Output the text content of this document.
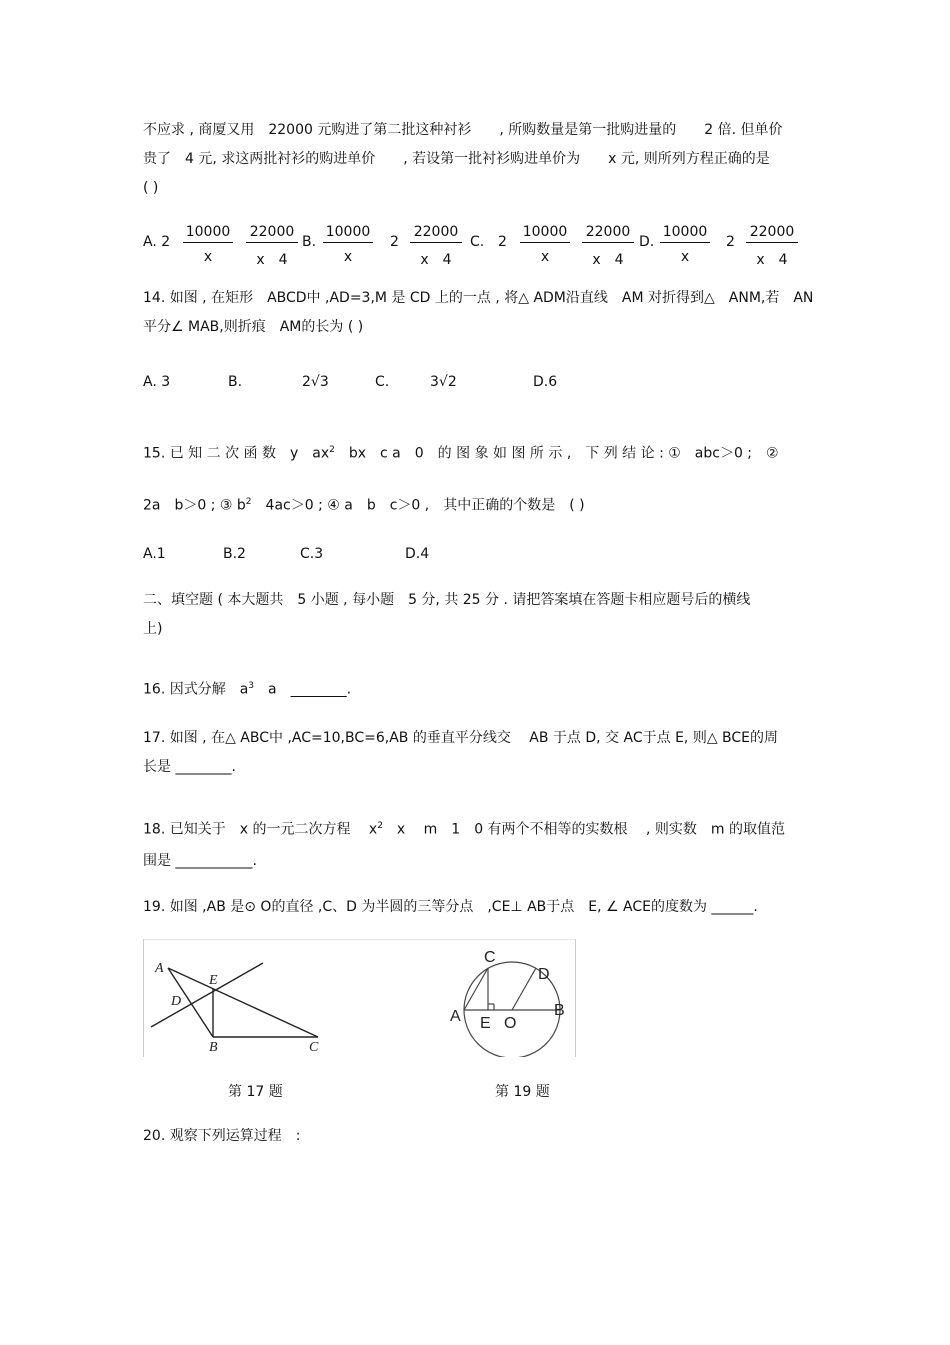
不应求 , 商厦又用　22000 元购进了第二批这种衬衫　　, 所购数量是第一批购进量的　　2 倍. 但单价
贵了　4 元, 求这两批衬衫的购进单价　　, 若设第一批衬衫购进单价为　　x 元, 则所列方程正确的是
( )
A. $2 \frac{10000}{x} \frac{22000}{x 4} B$. $\frac{10000}{x} 2 \frac{22000}{x 4} C$. $2 \frac{10000}{x} \frac{22000}{x 4} D$. $\frac{10000}{x} 2 \frac{22000}{x 4}$
14. 如图 , 在矩形　ABCD中 ,AD=3,M 是 CD 上的一点 , 将△ ADM沿直线　AM 对折得到△　ANM,若　AN
平分∠ MAB,则折痕　AM的长为 ( )
A. 3	B.	2√3	C.	3√2	D.6
15. 已 知 二 次 函 数　y　$ax^2$　bx　c a　0　的 图 象 如 图 所 示 ,　下 列 结 论 : ①　abc＞0 ;　②
2a　b＞0 ; ③ $b^2$　4ac＞0 ; ④ a　b　c＞0 ,　其中正确的个数是　( )
A.1	B.2	C.3	D.4
二、填空题 ( 本大题共　5 小题 , 每小题　5 分, 共 25 分 . 请把答案填在答题卡相应题号后的横线
上)
16. 因式分解　$a^3$　a　________.
17. 如图 , 在△ ABC中 ,AC=10,BC=6,AB 的垂直平分线交　 AB 于点 D, 交 AC于点 E, 则△ BCE的周
长是 ________.
18. 已知关于　x 的一元二次方程　 $x^2$　x　 m　1　0 有两个不相等的实数根　 , 则实数　m 的取值范
围是 ___________.
19. 如图 ,AB 是⊙ O的直径 ,C、D 为半圆的三等分点　,CE⊥ AB于点　E, ∠ ACE的度数为 ______.
A
E
D
B	C
C
D
A E O
B
第 17 题	第 19 题
20. 观察下列运算过程　:
